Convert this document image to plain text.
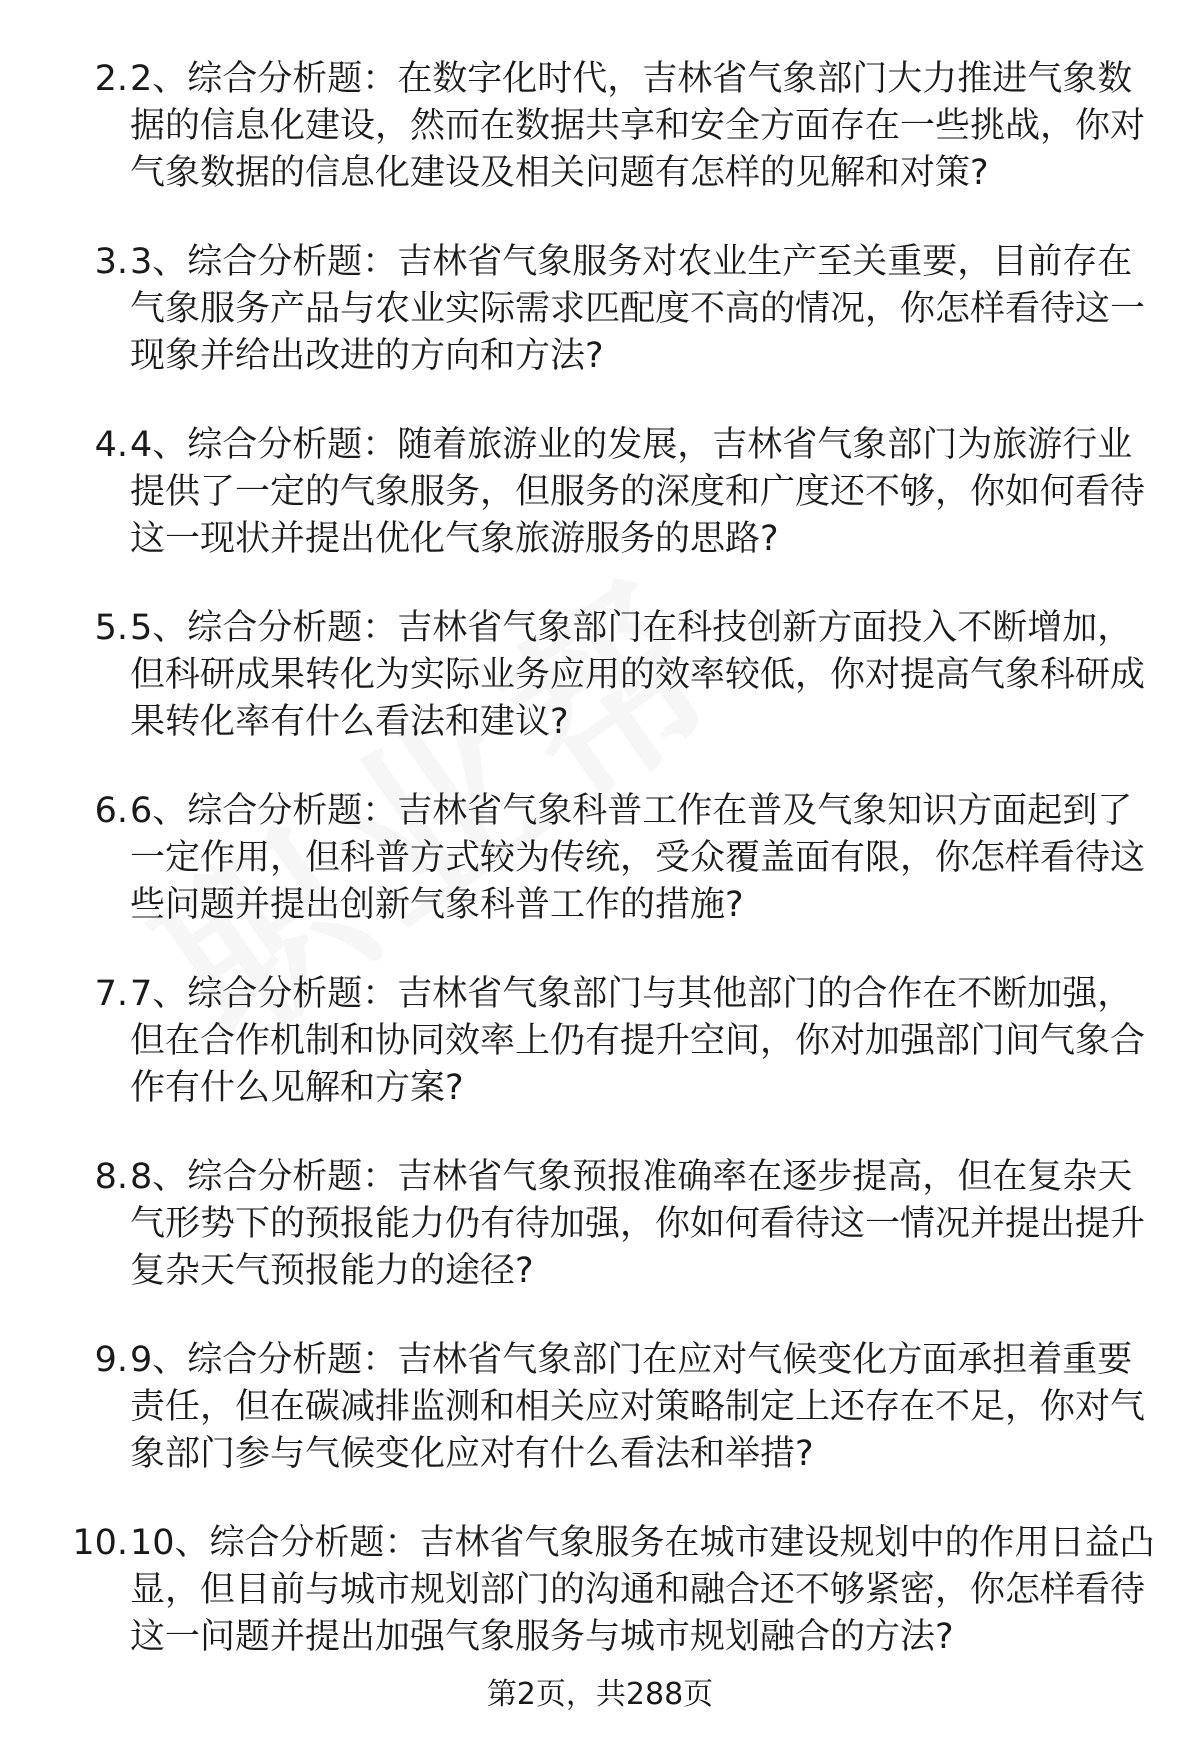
2. 2、综合分析题：在数字化时代，吉林省气象部门大力推进气象数据的信息化建设，然而在数据共享和安全方面存在一些挑战，你对气象数据的信息化建设及相关问题有怎样的见解和对策?

3. 3、综合分析题：吉林省气象服务对农业生产至关重要，目前存在气象服务产品与农业实际需求匹配度不高的情况，你怎样看待这一现象并给出改进的方向和方法?

4. 4、综合分析题：随着旅游业的发展，吉林省气象部门为旅游行业提供了一定的气象服务，但服务的深度和广度还不够，你如何看待这一现状并提出优化气象旅游服务的思路?

5. 5、综合分析题：吉林省气象部门在科技创新方面投入不断增加，但科研成果转化为实际业务应用的效率较低，你对提高气象科研成果转化率有什么看法和建议?

6. 6、综合分析题：吉林省气象科普工作在普及气象知识方面起到了一定作用，但科普方式较为传统，受众覆盖面有限，你怎样看待这些问题并提出创新气象科普工作的措施?

7. 7、综合分析题：吉林省气象部门与其他部门的合作在不断加强，但在合作机制和协同效率上仍有提升空间，你对加强部门间气象合作有什么见解和方案?

8. 8、综合分析题：吉林省气象预报准确率在逐步提高，但在复杂天气形势下的预报能力仍有待加强，你如何看待这一情况并提出提升复杂天气预报能力的途径?

9. 9、综合分析题：吉林省气象部门在应对气候变化方面承担着重要责任，但在碳减排监测和相关应对策略制定上还存在不足，你对气象部门参与气候变化应对有什么看法和举措?

10. 10、综合分析题：吉林省气象服务在城市建设规划中的作用日益凸显，但目前与城市规划部门的沟通和融合还不够紧密，你怎样看待这一问题并提出加强气象服务与城市规划融合的方法?

第2页，共288页
